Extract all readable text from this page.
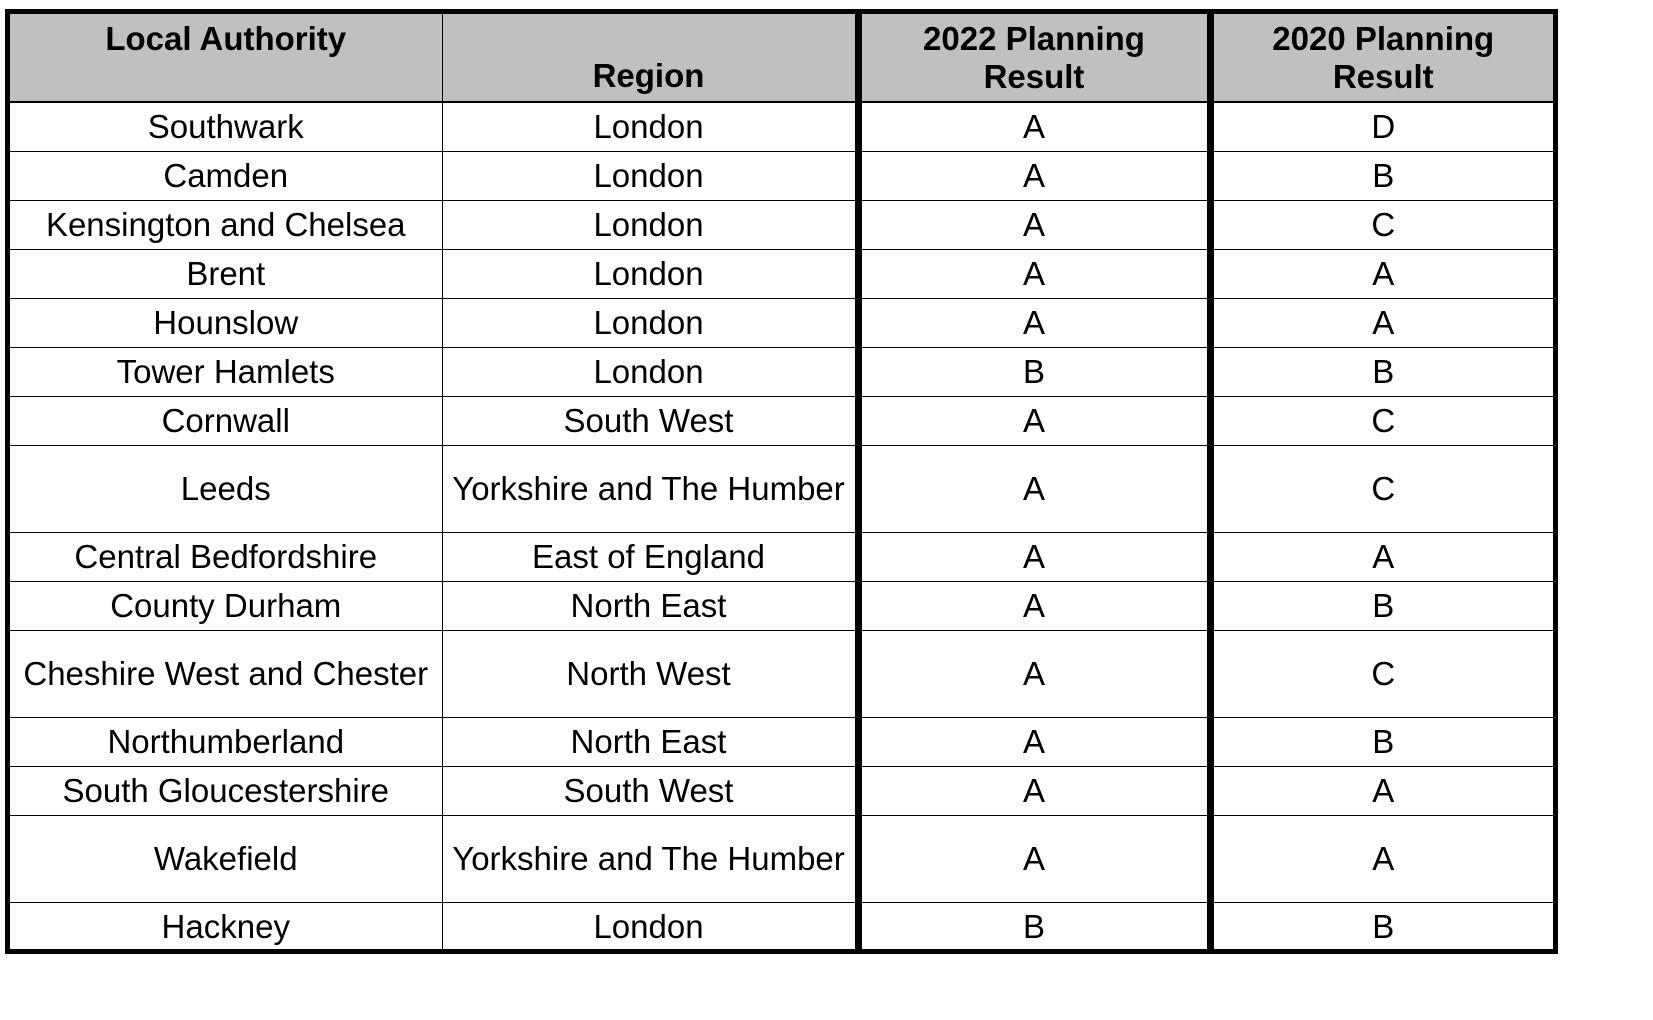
Local Authority	Region	2022 Planning Result	2020 Planning Result
Southwark	London	A	D
Camden	London	A	B
Kensington and Chelsea	London	A	C
Brent	London	A	A
Hounslow	London	A	A
Tower Hamlets	London	B	B
Cornwall	South West	A	C
Leeds	Yorkshire and The Humber	A	C
Central Bedfordshire	East of England	A	A
County Durham	North East	A	B
Cheshire West and Chester	North West	A	C
Northumberland	North East	A	B
South Gloucestershire	South West	A	A
Wakefield	Yorkshire and The Humber	A	A
Hackney	London	B	B
